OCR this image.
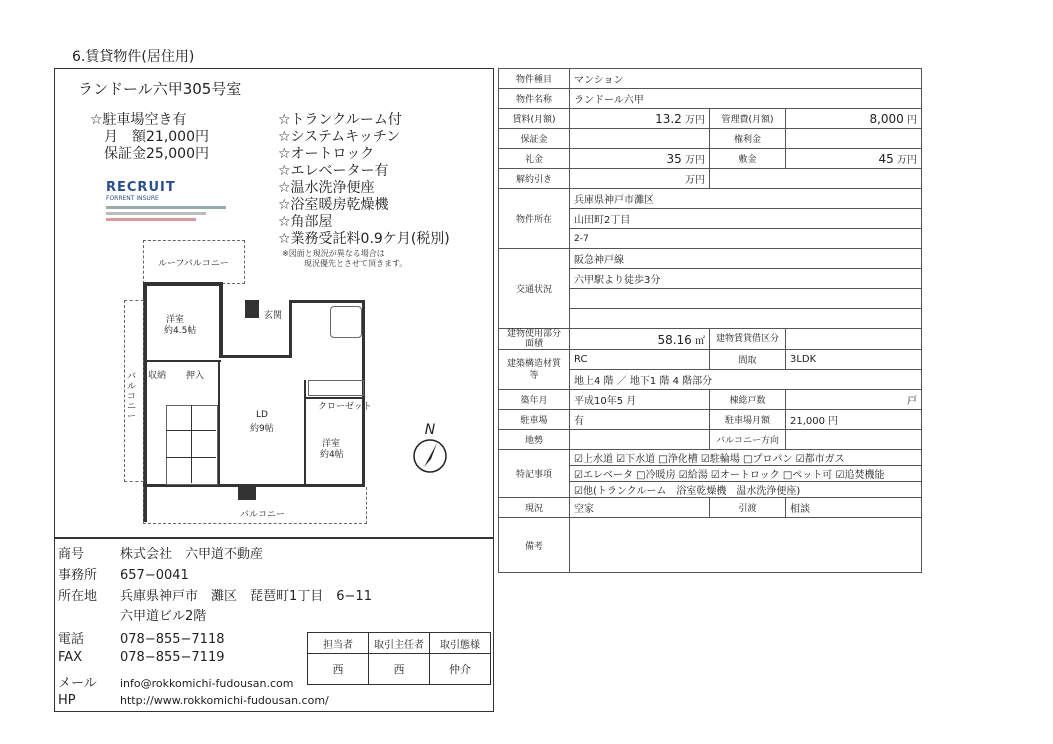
6.賃貸物件(居住用)
ランドール六甲305号室
☆駐車場空き有
月　額21,000円
保証金25,000円
☆トランクルーム付
☆システムキッチン
☆オートロック
☆エレベーター有
☆温水洗浄便座
☆浴室暖房乾燥機
☆角部屋
☆業務受託料0.9ケ月(税別)
RECRUIT
FORRENT INSURE
※図面と現況が異なる場合は
現況優先とさせて頂きます。
N
ルーフバルコニー
バルコニー
バルコニー
洋室
約4.5帖
収納 押入
玄関
LD
約9帖
クローゼット
洋室
約4帖
商号	株式会社　六甲道不動産
事務所 657−0041
所在地 兵庫県神戸市　灘区　琵琶町1丁目　6−11
六甲道ビル2階
電話	078−855−7118
FAX	078−855−7119
メール info@rokkomichi-fudousan.com
HP	http://www.rokkomichi-fudousan.com/
担当者	取引主任者	取引態様
西	西	仲介
物件種目	マンション		
物件名称	ランドール六甲		
賃料(月額)	13.2 万円	管理費(月額)	8,000 円
保証金		権利金	
礼金	35 万円	敷金	45 万円
解約引き	万円		
物件所在	兵庫県神戸市灘区		
	山田町2丁目		
	2-7		
交通状況	阪急神戸線		
	六甲駅より徒歩3分		

建物使用部分面積	58.16 ㎡	建物賃貸借区分	
建築構造材質等	RC	間取	3LDK
	地上4 階 ／ 地下1 階 4 階部分		
築年月	平成10年5 月	棟総戸数	戸
駐車場	有	駐車場月額	21,000 円
地勢		バルコニー方向	
特記事項	☑上水道 ☑下水道 □浄化槽 ☑駐輪場 □プロパン ☑都市ガス		
	☑エレベータ □冷暖房 ☑給湯 ☑オートロック □ペット可 ☑追焚機能		
	☑他(トランクルーム　浴室乾燥機　温水洗浄便座)		
現況	空家	引渡	相談
備考			
